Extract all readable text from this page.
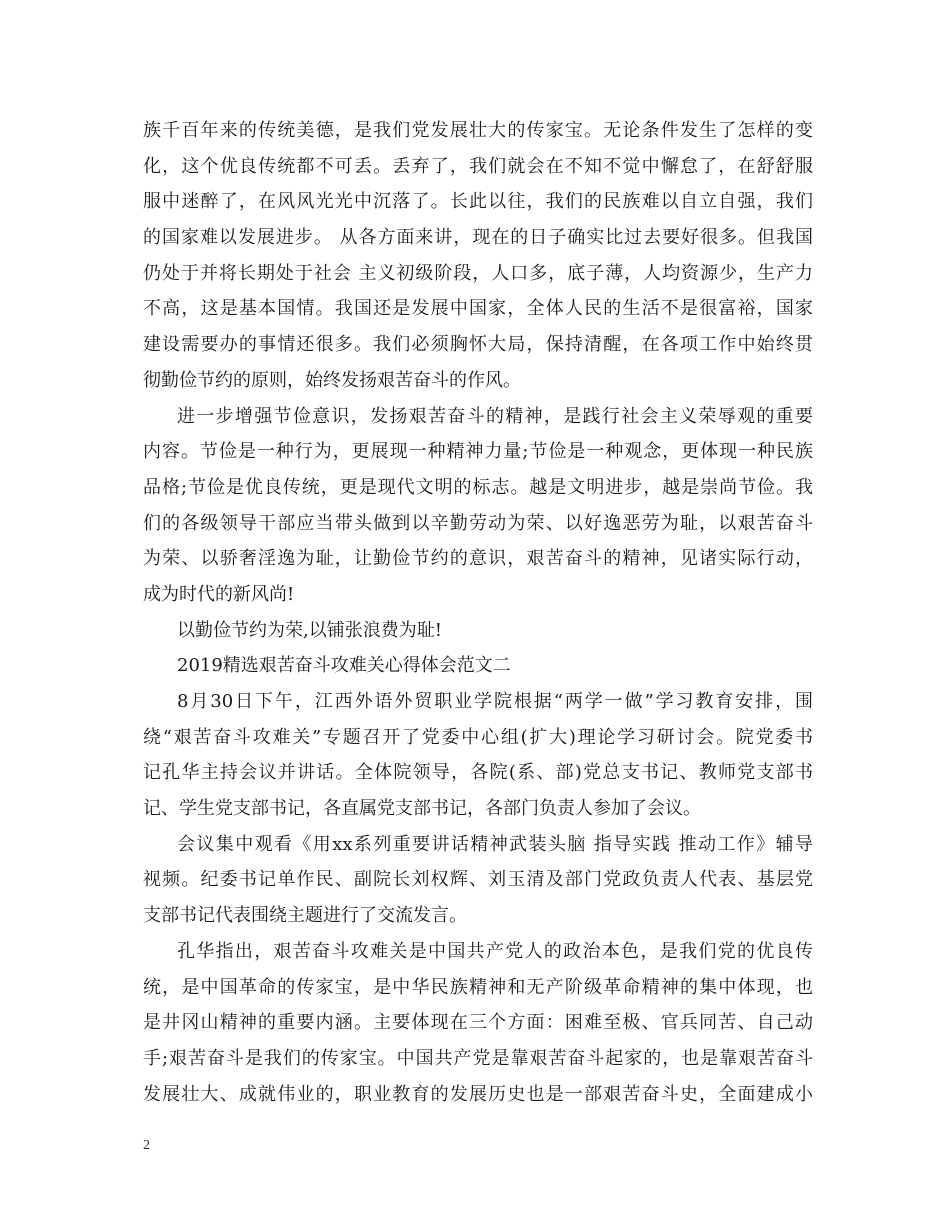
族千百年来的传统美德，是我们党发展壮大的传家宝。无论条件发生了怎样的变
化，这个优良传统都不可丢。丢弃了，我们就会在不知不觉中懈怠了，在舒舒服
服中迷醉了，在风风光光中沉落了。长此以往，我们的民族难以自立自强，我们
的国家难以发展进步。 从各方面来讲，现在的日子确实比过去要好很多。但我国
仍处于并将长期处于社会 主义初级阶段，人口多，底子薄，人均资源少，生产力
不高，这是基本国情。我国还是发展中国家，全体人民的生活不是很富裕，国家
建设需要办的事情还很多。我们必须胸怀大局，保持清醒，在各项工作中始终贯
彻勤俭节约的原则，始终发扬艰苦奋斗的作风。
进一步增强节俭意识，发扬艰苦奋斗的精神，是践行社会主义荣辱观的重要
内容。节俭是一种行为，更展现一种精神力量;节俭是一种观念，更体现一种民族
品格;节俭是优良传统，更是现代文明的标志。越是文明进步，越是崇尚节俭。我
们的各级领导干部应当带头做到以辛勤劳动为荣、以好逸恶劳为耻，以艰苦奋斗
为荣、以骄奢淫逸为耻，让勤俭节约的意识，艰苦奋斗的精神，见诸实际行动，
成为时代的新风尚!
以勤俭节约为荣,以铺张浪费为耻!
2019精选艰苦奋斗攻难关心得体会范文二
8月30日下午，江西外语外贸职业学院根据“两学一做”学习教育安排，围
绕“艰苦奋斗攻难关”专题召开了党委中心组(扩大)理论学习研讨会。院党委书
记孔华主持会议并讲话。全体院领导，各院(系、部)党总支书记、教师党支部书
记、学生党支部书记，各直属党支部书记，各部门负责人参加了会议。
会议集中观看《用xx系列重要讲话精神武装头脑 指导实践 推动工作》辅导
视频。纪委书记单作民、副院长刘权辉、刘玉清及部门党政负责人代表、基层党
支部书记代表围绕主题进行了交流发言。
孔华指出，艰苦奋斗攻难关是中国共产党人的政治本色，是我们党的优良传
统，是中国革命的传家宝，是中华民族精神和无产阶级革命精神的集中体现，也
是井冈山精神的重要内涵。主要体现在三个方面：困难至极、官兵同苦、自己动
手;艰苦奋斗是我们的传家宝。中国共产党是靠艰苦奋斗起家的，也是靠艰苦奋斗
发展壮大、成就伟业的，职业教育的发展历史也是一部艰苦奋斗史，全面建成小
2
